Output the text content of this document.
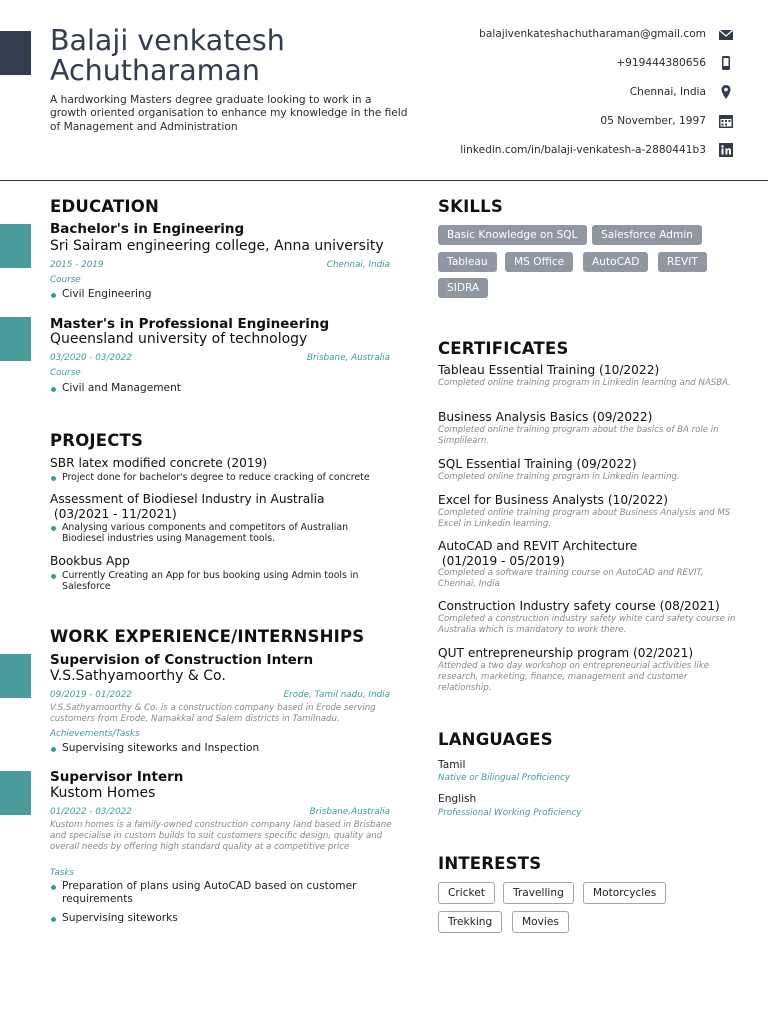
Balaji venkatesh
Achutharaman
A hardworking Masters degree graduate looking to work in a growth oriented organisation to enhance my knowledge in the field of Management and Administration
balajivenkateshachutharaman@gmail.com
+919444380656
Chennai, India
05 November, 1997
linkedin.com/in/balaji-venkatesh-a-2880441b3
EDUCATION
Bachelor's in Engineering
Sri Sairam engineering college, Anna university
2015 - 2019	Chennai, India
Course
Civil Engineering
Master's in Professional Engineering
Queensland university of technology
03/2020 - 03/2022	Brisbane, Australia
Course
Civil and Management
PROJECTS
SBR latex modified concrete (2019)
Project done for bachelor's degree to reduce cracking of concrete
Assessment of Biodiesel Industry in Australia
(03/2021 - 11/2021)
Analysing various components and competitors of Australian Biodiesel industries using Management tools.
Bookbus App
Currently Creating an App for bus booking using Admin tools in Salesforce
WORK EXPERIENCE/INTERNSHIPS
Supervision of Construction Intern
V.S.Sathyamoorthy & Co.
09/2019 - 01/2022	Erode, Tamil nadu, India
V.S.Sathyamoorthy & Co. is a construction company based in Erode serving customers from Erode, Namakkal and Salem districts in Tamilnadu.
Achievements/Tasks
Supervising siteworks and Inspection
Supervisor Intern
Kustom Homes
01/2022 - 03/2022	Brisbane,Australia
Kustom homes is a family-owned construction company land based in Brisbane and specialise in custom builds to suit customers specific design, quality and overall needs by offering high standard quality at a competitive price
Tasks
Preparation of plans using AutoCAD based on customer requirements
Supervising siteworks
SKILLS
Basic Knowledge on SQL	Salesforce Admin
Tableau	MS Office	AutoCAD	REVIT
SIDRA
CERTIFICATES
Tableau Essential Training (10/2022)
Completed online training program in Linkedin learning and NASBA.
Business Analysis Basics (09/2022)
Completed online training program about the basics of BA role in Simplilearn.
SQL Essential Training (09/2022)
Completed online training program in Linkedin learning.
Excel for Business Analysts (10/2022)
Completed online training program about Business Analysis and MS Excel in Linkedin learning.
AutoCAD and REVIT Architecture
(01/2019 - 05/2019)
Completed a software training course on AutoCAD and REVIT, Chennai, India
Construction Industry safety course (08/2021)
Completed a construction industry safety white card safety course in Australia which is mandatory to work there.
QUT entrepreneurship program (02/2021)
Attended a two day workshop on entrepreneurial activities like research, marketing, finance, management and customer relationship.
LANGUAGES
Tamil
Native or Bilingual Proficiency
English
Professional Working Proficiency
INTERESTS
Cricket	Travelling	Motorcycles
Trekking	Movies
